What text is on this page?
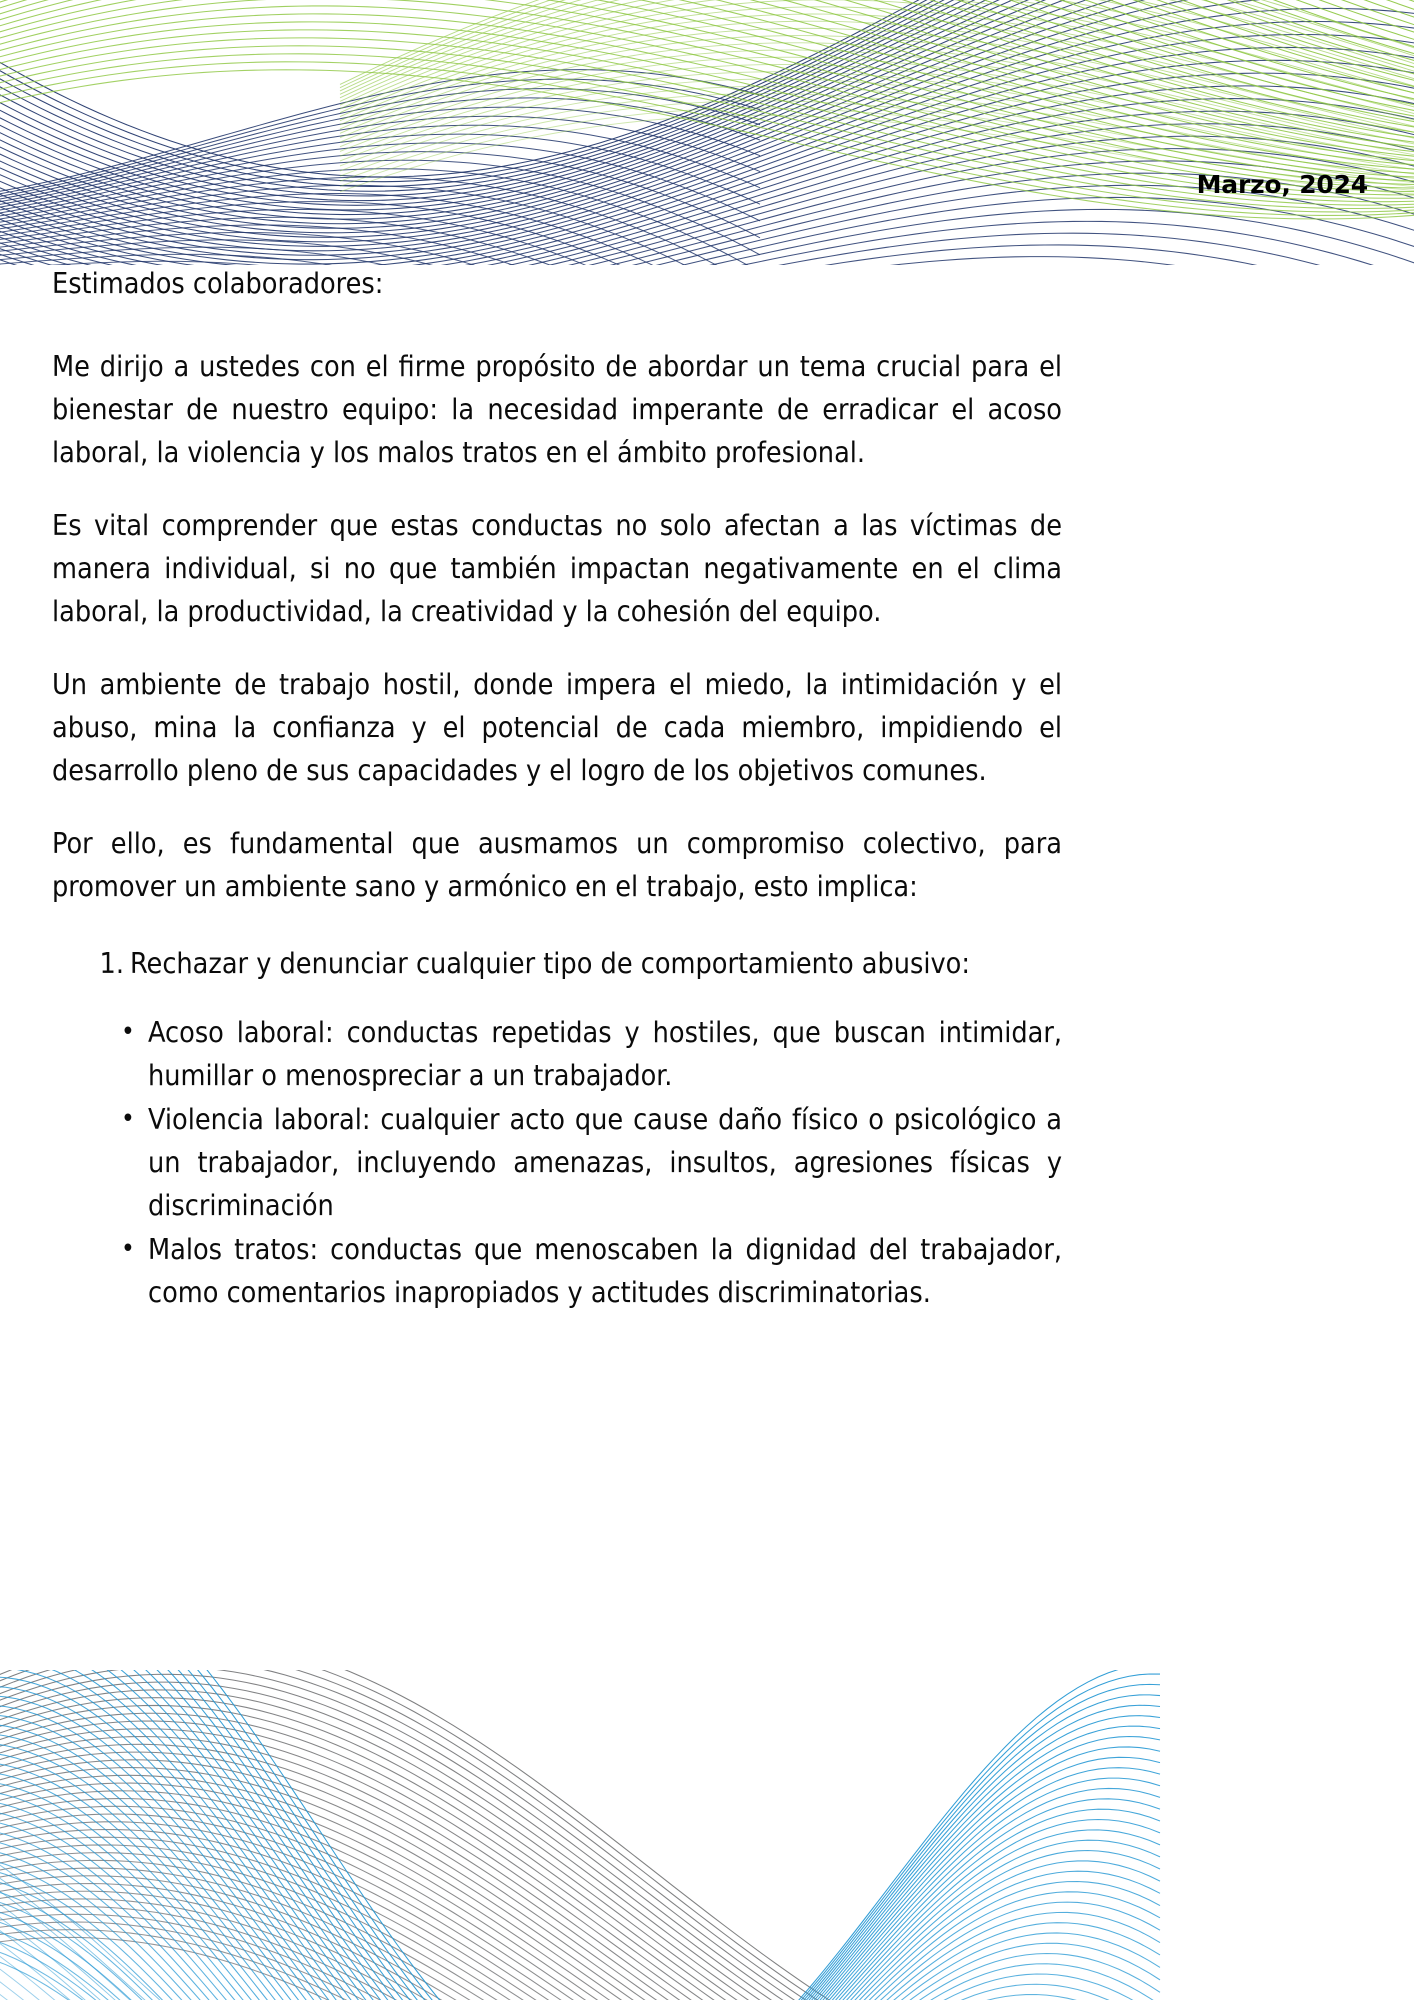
Marzo, 2024

Estimados colaboradores:

Me dirijo a ustedes con el firme propósito de abordar un tema crucial para el bienestar de nuestro equipo: la necesidad imperante de erradicar el acoso laboral, la violencia y los malos tratos en el ámbito profesional.

Es vital comprender que estas conductas no solo afectan a las víctimas de manera individual, si no que también impactan negativamente en el clima laboral, la productividad, la creatividad y la cohesión del equipo.

Un ambiente de trabajo hostil, donde impera el miedo, la intimidación y el abuso, mina la confianza y el potencial de cada miembro, impidiendo el desarrollo pleno de sus capacidades y el logro de los objetivos comunes.

Por ello, es fundamental que ausmamos un compromiso colectivo, para promover un ambiente sano y armónico en el trabajo, esto implica:

Rechazar y denunciar cualquier tipo de comportamiento abusivo:
• Acoso laboral: conductas repetidas y hostiles, que buscan intimidar, humillar o menospreciar a un trabajador.
• Violencia laboral: cualquier acto que cause daño físico o psicológico a un trabajador, incluyendo amenazas, insultos, agresiones físicas y discriminación
• Malos tratos: conductas que menoscaben la dignidad del trabajador, como comentarios inapropiados y actitudes discriminatorias.
